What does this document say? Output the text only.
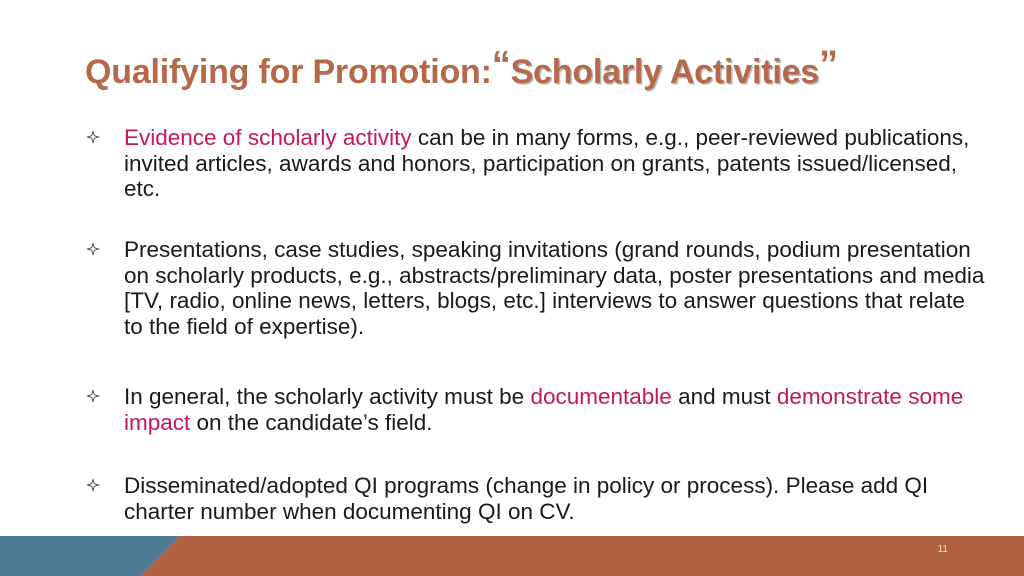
Qualifying for Promotion:“Scholarly Activities”

Evidence of scholarly activity can be in many forms, e.g., peer-reviewed publications, invited articles, awards and honors, participation on grants, patents issued/licensed, etc.

Presentations, case studies, speaking invitations (grand rounds, podium presentation on scholarly products, e.g., abstracts/preliminary data, poster presentations and media [TV, radio, online news, letters, blogs, etc.] interviews to answer questions that relate to the field of expertise).

In general, the scholarly activity must be documentable and must demonstrate some impact on the candidate’s field.

Disseminated/adopted QI programs (change in policy or process). Please add QI charter number when documenting QI on CV.

11
